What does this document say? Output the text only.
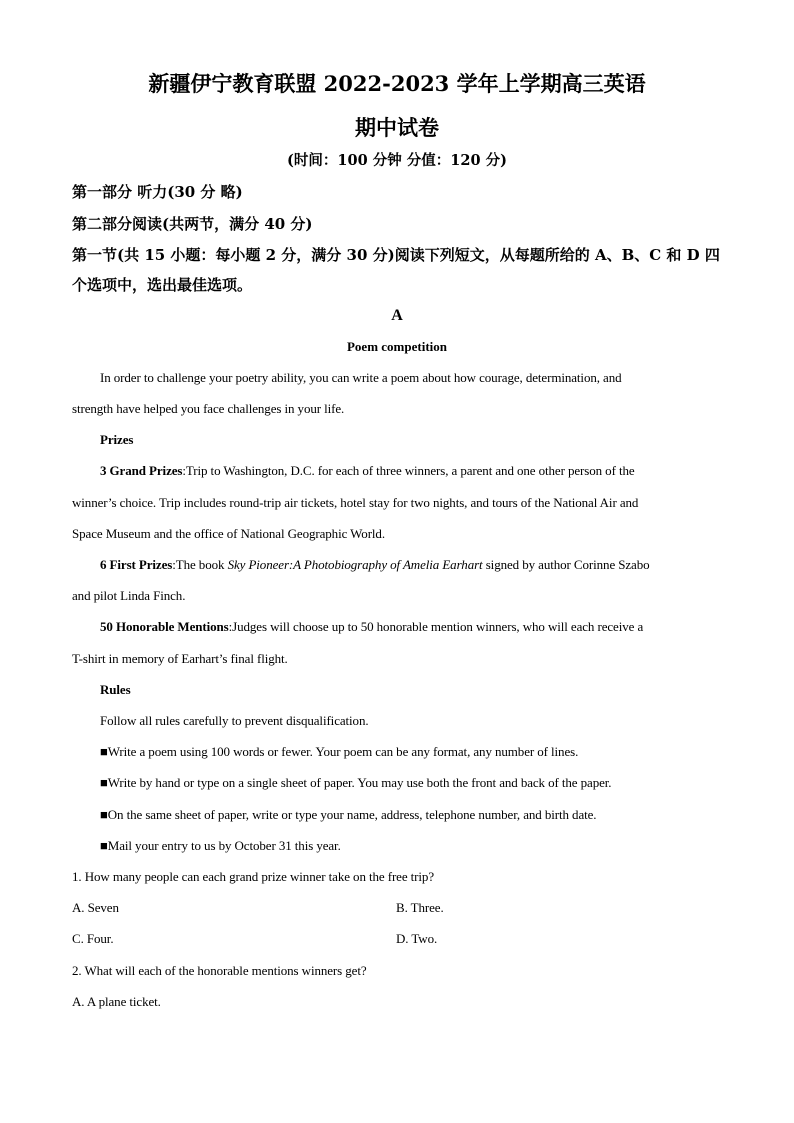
新疆伊宁教育联盟 2022-2023 学年上学期高三英语
期中试卷
(时间：100 分钟 分值：120 分)
第一部分 听力(30 分 略)
第二部分阅读(共两节，满分 40 分)
第一节(共 15 小题：每小题 2 分，满分 30 分)阅读下列短文，从每题所给的 A、B、C 和 D 四
个选项中，选出最佳选项。
A
Poem competition
In order to challenge your poetry ability, you can write a poem about how courage, determination, and
strength have helped you face challenges in your life.
Prizes
3 Grand Prizes:Trip to Washington, D.C. for each of three winners, a parent and one other person of the
winner’s choice. Trip includes round-trip air tickets, hotel stay for two nights, and tours of the National Air and
Space Museum and the office of National Geographic World.
6 First Prizes:The book Sky Pioneer:A Photobiography of Amelia Earhart signed by author Corinne Szabo
and pilot Linda Finch.
50 Honorable Mentions:Judges will choose up to 50 honorable mention winners, who will each receive a
T-shirt in memory of Earhart’s final flight.
Rules
Follow all rules carefully to prevent disqualification.
■Write a poem using 100 words or fewer. Your poem can be any format, any number of lines.
■Write by hand or type on a single sheet of paper. You may use both the front and back of the paper.
■On the same sheet of paper, write or type your name, address, telephone number, and birth date.
■Mail your entry to us by October 31 this year.
1. How many people can each grand prize winner take on the free trip?
A. Seven	B. Three.
C. Four.	D. Two.
2. What will each of the honorable mentions winners get?
A. A plane ticket.
